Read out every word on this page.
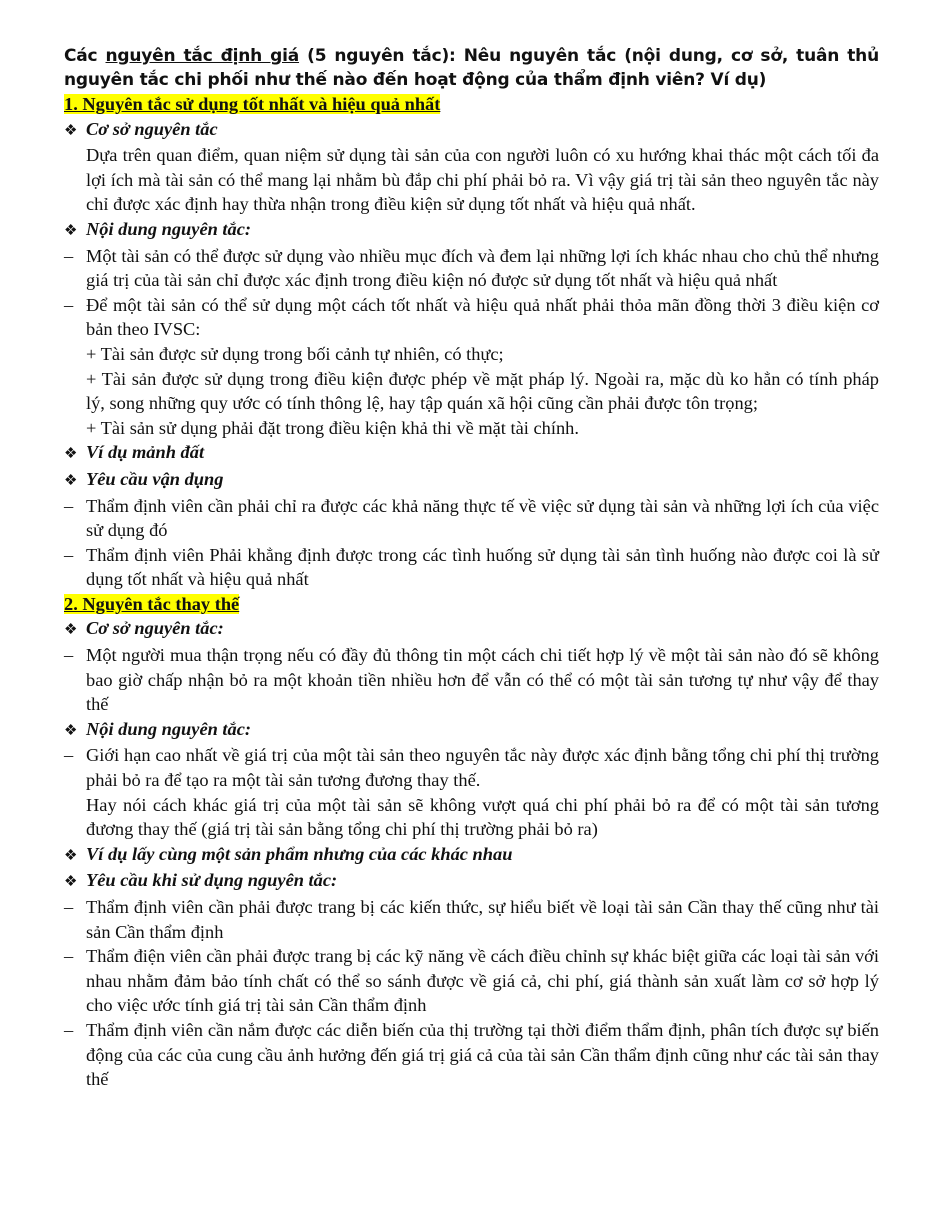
Các nguyên tắc định giá (5 nguyên tắc): Nêu nguyên tắc (nội dung, cơ sở, tuân thủ nguyên tắc chi phối như thế nào đến hoạt động của thẩm định viên? Ví dụ)
1. Nguyên tắc sử dụng tốt nhất và hiệu quả nhất
❖ Cơ sở nguyên tắc
Dựa trên quan điểm, quan niệm sử dụng tài sản của con người luôn có xu hướng khai thác một cách tối đa lợi ích mà tài sản có thể mang lại nhằm bù đắp chi phí phải bỏ ra. Vì vậy giá trị tài sản theo nguyên tắc này chỉ được xác định hay thừa nhận trong điều kiện sử dụng tốt nhất và hiệu quả nhất.
❖ Nội dung nguyên tắc:
– Một tài sản có thể được sử dụng vào nhiều mục đích và đem lại những lợi ích khác nhau cho chủ thể nhưng giá trị của tài sản chỉ được xác định trong điều kiện nó được sử dụng tốt nhất và hiệu quả nhất
– Để một tài sản có thể sử dụng một cách tốt nhất và hiệu quả nhất phải thỏa mãn đồng thời 3 điều kiện cơ bản theo IVSC:
+ Tài sản được sử dụng trong bối cảnh tự nhiên, có thực;
+ Tài sản được sử dụng trong điều kiện được phép về mặt pháp lý. Ngoài ra, mặc dù ko hẳn có tính pháp lý, song những quy ước có tính thông lệ, hay tập quán xã hội cũng cần phải được tôn trọng;
+ Tài sản sử dụng phải đặt trong điều kiện khả thi về mặt tài chính.
❖ Ví dụ mảnh đất
❖ Yêu cầu vận dụng
– Thẩm định viên cần phải chỉ ra được các khả năng thực tế về việc sử dụng tài sản và những lợi ích của việc sử dụng đó
– Thẩm định viên Phải khẳng định được trong các tình huống sử dụng tài sản tình huống nào được coi là sử dụng tốt nhất và hiệu quả nhất
2. Nguyên tắc thay thế
❖ Cơ sở nguyên tắc:
– Một người mua thận trọng nếu có đầy đủ thông tin một cách chi tiết hợp lý về một tài sản nào đó sẽ không bao giờ chấp nhận bỏ ra một khoản tiền nhiều hơn để vẫn có thể có một tài sản tương tự như vậy để thay thế
❖ Nội dung nguyên tắc:
– Giới hạn cao nhất về giá trị của một tài sản theo nguyên tắc này được xác định bằng tổng chi phí thị trường phải bỏ ra để tạo ra một tài sản tương đương thay thế.
Hay nói cách khác giá trị của một tài sản sẽ không vượt quá chi phí phải bỏ ra để có một tài sản tương đương thay thế (giá trị tài sản bằng tổng chi phí thị trường phải bỏ ra)
❖ Ví dụ lấy cùng một sản phẩm nhưng của các khác nhau
❖ Yêu cầu khi sử dụng nguyên tắc:
– Thẩm định viên cần phải được trang bị các kiến thức, sự hiểu biết về loại tài sản Cần thay thế cũng như tài sản Cần thẩm định
– Thẩm điện viên cần phải được trang bị các kỹ năng về cách điều chỉnh sự khác biệt giữa các loại tài sản với nhau nhằm đảm bảo tính chất có thể so sánh được về giá cả, chi phí, giá thành sản xuất làm cơ sở hợp lý cho việc ước tính giá trị tài sản Cần thẩm định
– Thẩm định viên cần nắm được các diễn biến của thị trường tại thời điểm thẩm định, phân tích được sự biến động của các của cung cầu ảnh hưởng đến giá trị giá cả của tài sản Cần thẩm định cũng như các tài sản thay thế
